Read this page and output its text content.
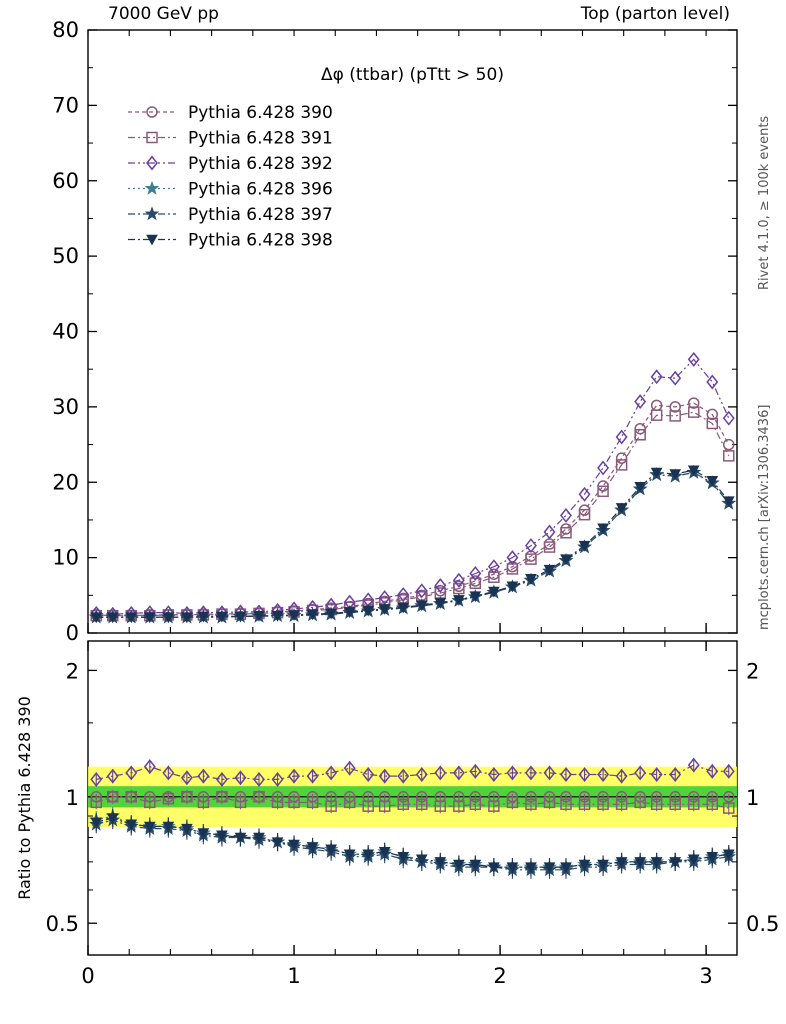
7000 GeV pp	Top (parton level)
Rivet 4.1.0, ≥ 100k events
mcplots.cern.ch [arXiv:1306.3436]
0
10
20
30
40
50
60
70
80
Δφ (ttbar) (pTtt > 50)
0.5	0.5
1	1
2	2
0	1	2	3
Ratio to Pythia 6.428 390
Pythia 6.428 390
Pythia 6.428 391
Pythia 6.428 392
Pythia 6.428 396
Pythia 6.428 397
Pythia 6.428 398
